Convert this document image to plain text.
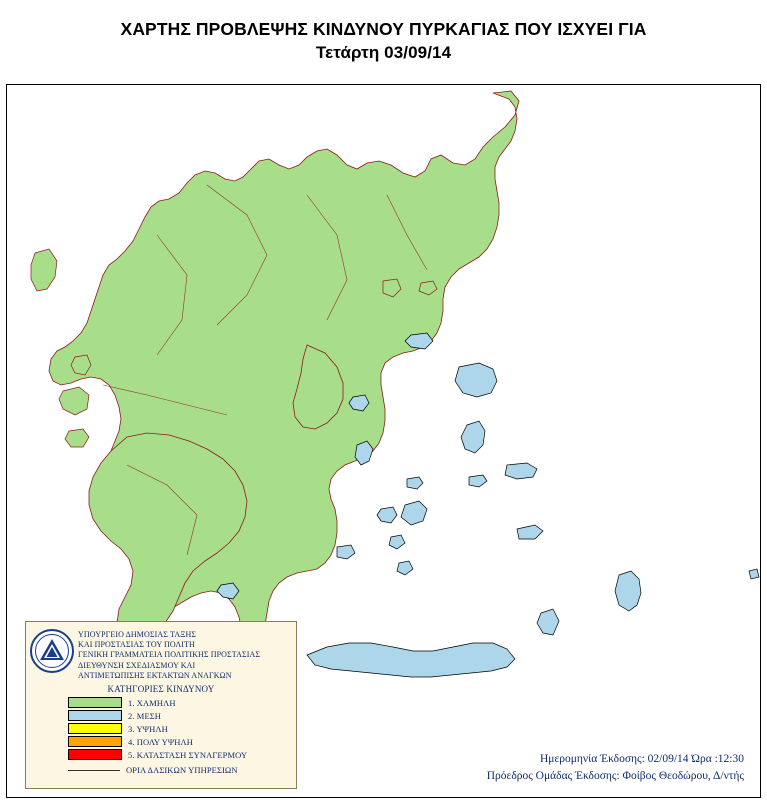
ΧΑΡΤΗΣ ΠΡΟΒΛΕΨΗΣ ΚΙΝΔΥΝΟΥ ΠΥΡΚΑΓΙΑΣ ΠΟΥ ΙΣΧΥΕΙ ΓΙΑ
Τετάρτη 03/09/14
ΥΠΟΥΡΓΕΙΟ ΔΗΜΟΣΙΑΣ ΤΑΞΗΣ
ΚΑΙ ΠΡΟΣΤΑΣΙΑΣ ΤΟΥ ΠΟΛΙΤΗ
ΓΕΝΙΚΗ ΓΡΑΜΜΑΤΕΙΑ ΠΟΛΙΤΙΚΗΣ ΠΡΟΣΤΑΣΙΑΣ
ΔΙΕΥΘΥΝΣΗ ΣΧΕΔΙΑΣΜΟΥ ΚΑΙ
ΑΝΤΙΜΕΤΩΠΙΣΗΣ ΕΚΤΑΚΤΩΝ ΑΝΑΓΚΩΝ
ΚΑΤΗΓΟΡΙΕΣ ΚΙΝΔΥΝΟΥ
1. ΧΑΜΗΛΗ
2. ΜΕΣΗ
3. ΥΨΗΛΗ
4. ΠΟΛΥ ΥΨΗΛΗ
5. ΚΑΤΑΣΤΑΣΗ ΣΥΝΑΓΕΡΜΟΥ
ΟΡΙΑ ΔΑΣΙΚΩΝ ΥΠΗΡΕΣΙΩΝ
Ημερομηνία Έκδοσης: 02/09/14 Ώρα :12:30
Πρόεδρος Ομάδας Έκδοσης: Φοίβος Θεοδώρου, Δ/ντής
